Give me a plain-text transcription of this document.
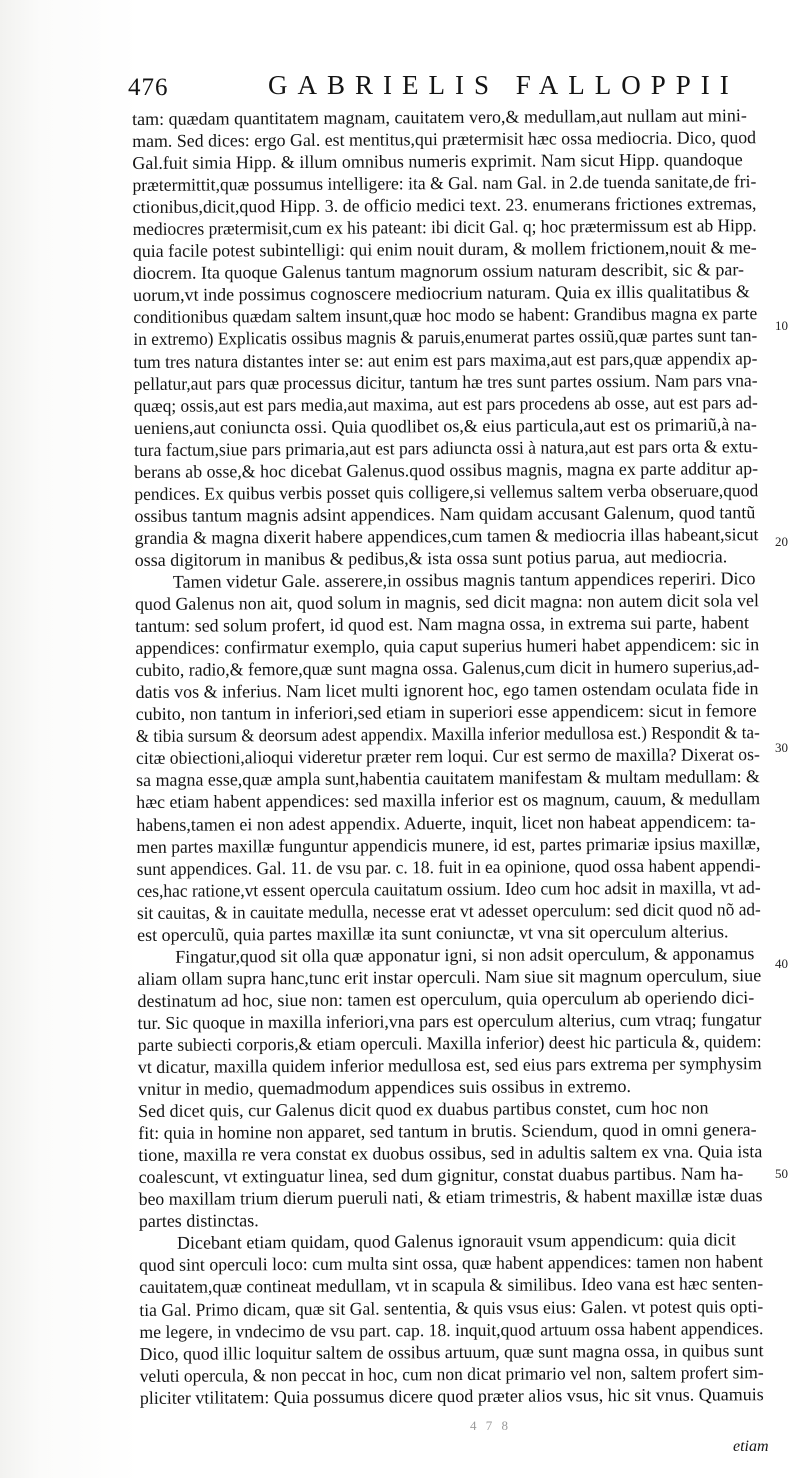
476	GABRIELIS FALLOPPII
tam: quædam quantitatem magnam, cauitatem vero,& medullam,aut nullam aut mini-
mam. Sed dices: ergo Gal. est mentitus,qui prætermisit hæc ossa mediocria. Dico, quod
Gal.fuit simia Hipp. & illum omnibus numeris exprimit. Nam sicut Hipp. quandoque
prætermittit,quæ possumus intelligere: ita & Gal. nam Gal. in 2.de tuenda sanitate,de fri-
ctionibus,dicit,quod Hipp. 3. de officio medici text. 23. enumerans frictiones extremas,
mediocres prætermisit,cum ex his pateant: ibi dicit Gal. q; hoc prætermissum est ab Hipp.
quia facile potest subintelligi: qui enim nouit duram, & mollem frictionem,nouit & me-
diocrem. Ita quoque Galenus tantum magnorum ossium naturam describit, sic & par-
uorum,vt inde possimus cognoscere mediocrium naturam. Quia ex illis qualitatibus &
conditionibus quædam saltem insunt,quæ hoc modo se habent: Grandibus magna ex parte
in extremo) Explicatis ossibus magnis & paruis,enumerat partes ossiũ,quæ partes sunt tan-
tum tres natura distantes inter se: aut enim est pars maxima,aut est pars,quæ appendix ap-
pellatur,aut pars quæ processus dicitur, tantum hæ tres sunt partes ossium. Nam pars vna-
quæq; ossis,aut est pars media,aut maxima, aut est pars procedens ab osse, aut est pars ad-
ueniens,aut coniuncta ossi. Quia quodlibet os,& eius particula,aut est os primariũ,à na-
tura factum,siue pars primaria,aut est pars adiuncta ossi à natura,aut est pars orta & extu-
berans ab osse,& hoc dicebat Galenus.quod ossibus magnis, magna ex parte additur ap-
pendices. Ex quibus verbis posset quis colligere,si vellemus saltem verba obseruare,quod
ossibus tantum magnis adsint appendices. Nam quidam accusant Galenum, quod tantũ
grandia & magna dixerit habere appendices,cum tamen & mediocria illas habeant,sicut
ossa digitorum in manibus & pedibus,& ista ossa sunt potius parua, aut mediocria.
Tamen videtur Gale. asserere,in ossibus magnis tantum appendices reperiri. Dico
quod Galenus non ait, quod solum in magnis, sed dicit magna: non autem dicit sola vel
tantum: sed solum profert, id quod est. Nam magna ossa, in extrema sui parte, habent
appendices: confirmatur exemplo, quia caput superius humeri habet appendicem: sic in
cubito, radio,& femore,quæ sunt magna ossa. Galenus,cum dicit in humero superius,ad-
datis vos & inferius. Nam licet multi ignorent hoc, ego tamen ostendam oculata fide in
cubito, non tantum in inferiori,sed etiam in superiori esse appendicem: sicut in femore
& tibia sursum & deorsum adest appendix. Maxilla inferior medullosa est.) Respondit & ta-
citæ obiectioni,alioqui videretur præter rem loqui. Cur est sermo de maxilla? Dixerat os-
sa magna esse,quæ ampla sunt,habentia cauitatem manifestam & multam medullam: &
hæc etiam habent appendices: sed maxilla inferior est os magnum, cauum, & medullam
habens,tamen ei non adest appendix. Aduerte, inquit, licet non habeat appendicem: ta-
men partes maxillæ funguntur appendicis munere, id est, partes primariæ ipsius maxillæ,
sunt appendices. Gal. 11. de vsu par. c. 18. fuit in ea opinione, quod ossa habent appendi-
ces,hac ratione,vt essent opercula cauitatum ossium. Ideo cum hoc adsit in maxilla, vt ad-
sit cauitas, & in cauitate medulla, necesse erat vt adesset operculum: sed dicit quod nõ ad-
est operculũ, quia partes maxillæ ita sunt coniunctæ, vt vna sit operculum alterius.
Fingatur,quod sit olla quæ apponatur igni, si non adsit operculum, & apponamus
aliam ollam supra hanc,tunc erit instar operculi. Nam siue sit magnum operculum, siue
destinatum ad hoc, siue non: tamen est operculum, quia operculum ab operiendo dici-
tur. Sic quoque in maxilla inferiori,vna pars est operculum alterius, cum vtraq; fungatur
parte subiecti corporis,& etiam operculi. Maxilla inferior) deest hic particula &, quidem:
vt dicatur, maxilla quidem inferior medullosa est, sed eius pars extrema per symphysim
vnitur in medio, quemadmodum appendices suis ossibus in extremo.
Sed dicet quis, cur Galenus dicit quod ex duabus partibus constet, cum hoc non
fit: quia in homine non apparet, sed tantum in brutis. Sciendum, quod in omni genera-
tione, maxilla re vera constat ex duobus ossibus, sed in adultis saltem ex vna. Quia ista
coalescunt, vt extinguatur linea, sed dum gignitur, constat duabus partibus. Nam ha-
beo maxillam trium dierum pueruli nati, & etiam trimestris, & habent maxillæ istæ duas
partes distinctas.
Dicebant etiam quidam, quod Galenus ignorauit vsum appendicum: quia dicit
quod sint operculi loco: cum multa sint ossa, quæ habent appendices: tamen non habent
cauitatem,quæ contineat medullam, vt in scapula & similibus. Ideo vana est hæc senten-
tia Gal. Primo dicam, quæ sit Gal. sententia, & quis vsus eius: Galen. vt potest quis opti-
me legere, in vndecimo de vsu part. cap. 18. inquit,quod artuum ossa habent appendices.
Dico, quod illic loquitur saltem de ossibus artuum, quæ sunt magna ossa, in quibus sunt
veluti opercula, & non peccat in hoc, cum non dicat primario vel non, saltem profert sim-
pliciter vtilitatem: Quia possumus dicere quod præter alios vsus, hic sit vnus. Quamuis
10
20
30
40
50
4 7 8
etiam
